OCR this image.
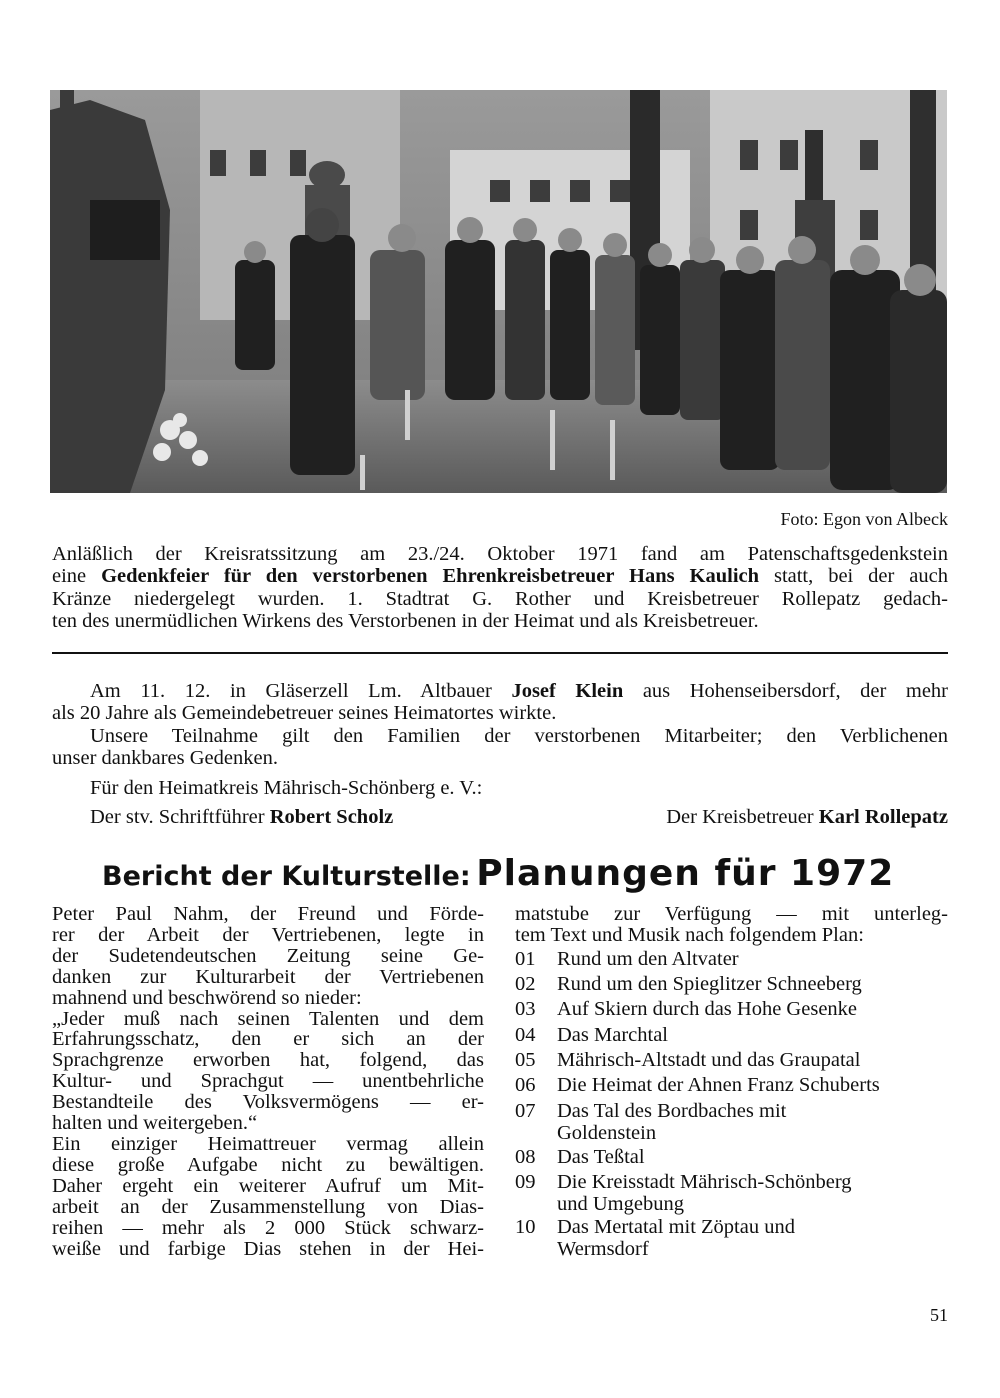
Foto: Egon von Albeck
Anläßlich der Kreisratssitzung am 23./24. Oktober 1971 fand am Patenschaftsgedenkstein
eine Gedenkfeier für den verstorbenen Ehrenkreisbetreuer Hans Kaulich statt, bei der auch
Kränze niedergelegt wurden. 1. Stadtrat G. Rother und Kreisbetreuer Rollepatz gedach-
ten des unermüdlichen Wirkens des Verstorbenen in der Heimat und als Kreisbetreuer.
Am 11. 12. in Gläserzell Lm. Altbauer Josef Klein aus Hohenseibersdorf, der mehr
als 20 Jahre als Gemeindebetreuer seines Heimatortes wirkte.
Unsere Teilnahme gilt den Familien der verstorbenen Mitarbeiter; den Verblichenen
unser dankbares Gedenken.
Für den Heimatkreis Mährisch-Schönberg e. V.:
Der stv. Schriftführer Robert Scholz	Der Kreisbetreuer Karl Rollepatz
Bericht der Kulturstelle: Planungen für 1972
Peter Paul Nahm, der Freund und Förde-
rer der Arbeit der Vertriebenen, legte in
der Sudetendeutschen Zeitung seine Ge-
danken zur Kulturarbeit der Vertriebenen
mahnend und beschwörend so nieder:
„Jeder muß nach seinen Talenten und dem
Erfahrungsschatz, den er sich an der
Sprachgrenze erworben hat, folgend, das
Kultur- und Sprachgut — unentbehrliche
Bestandteile des Volksvermögens — er-
halten und weitergeben.“
Ein einziger Heimattreuer vermag allein
diese große Aufgabe nicht zu bewältigen.
Daher ergeht ein weiterer Aufruf um Mit-
arbeit an der Zusammenstellung von Dias-
reihen — mehr als 2 000 Stück schwarz-
weiße und farbige Dias stehen in der Hei-
matstube zur Verfügung — mit unterleg-
tem Text und Musik nach folgendem Plan:
01 Rund um den Altvater
02 Rund um den Spieglitzer Schneeberg
03 Auf Skiern durch das Hohe Gesenke
04 Das Marchtal
05 Mährisch-Altstadt und das Graupatal
06 Die Heimat der Ahnen Franz Schuberts
07 Das Tal des Bordbaches mit
Goldenstein
08 Das Teßtal
09 Die Kreisstadt Mährisch-Schönberg
und Umgebung
10 Das Mertatal mit Zöptau und
Wermsdorf
51
